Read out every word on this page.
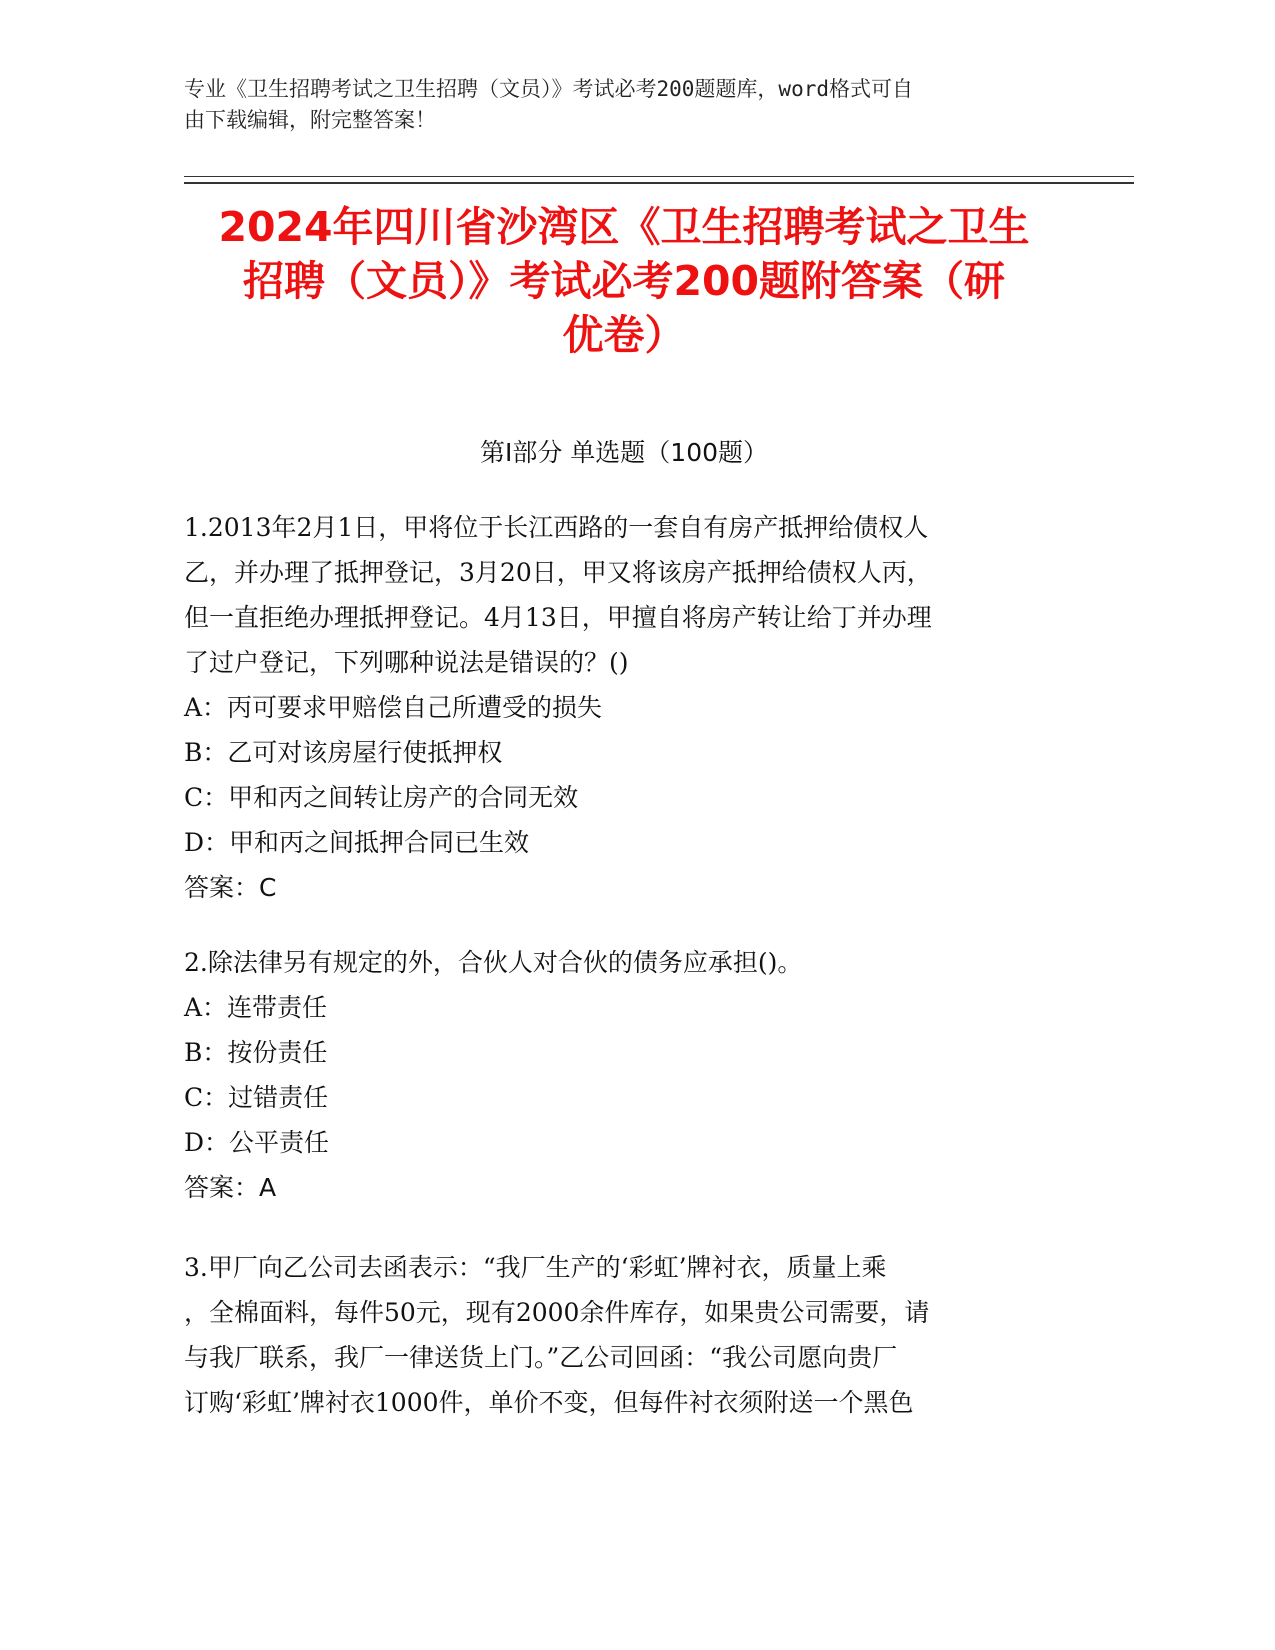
专业《卫生招聘考试之卫生招聘（文员）》考试必考200题题库，word格式可自
由下载编辑，附完整答案！
2024年四川省沙湾区《卫生招聘考试之卫生
招聘（文员）》考试必考200题附答案（研
优卷）
第I部分 单选题（100题）

1.2013年2月1日，甲将位于长江西路的一套自有房产抵押给债权人

乙，并办理了抵押登记，3月20日，甲又将该房产抵押给债权人丙，

但一直拒绝办理抵押登记。4月13日，甲擅自将房产转让给丁并办理

了过户登记，下列哪种说法是错误的？()

A：丙可要求甲赔偿自己所遭受的损失

B：乙可对该房屋行使抵押权

C：甲和丙之间转让房产的合同无效

D：甲和丙之间抵押合同已生效

答案：C

2.除法律另有规定的外，合伙人对合伙的债务应承担()。

A：连带责任

B：按份责任

C：过错责任

D：公平责任

答案：A

3.甲厂向乙公司去函表示：“我厂生产的‘彩虹’牌衬衣，质量上乘

，全棉面料，每件50元，现有2000余件库存，如果贵公司需要，请

与我厂联系，我厂一律送货上门。”乙公司回函：“我公司愿向贵厂

订购‘彩虹’牌衬衣1000件，单价不变，但每件衬衣须附送一个黑色
